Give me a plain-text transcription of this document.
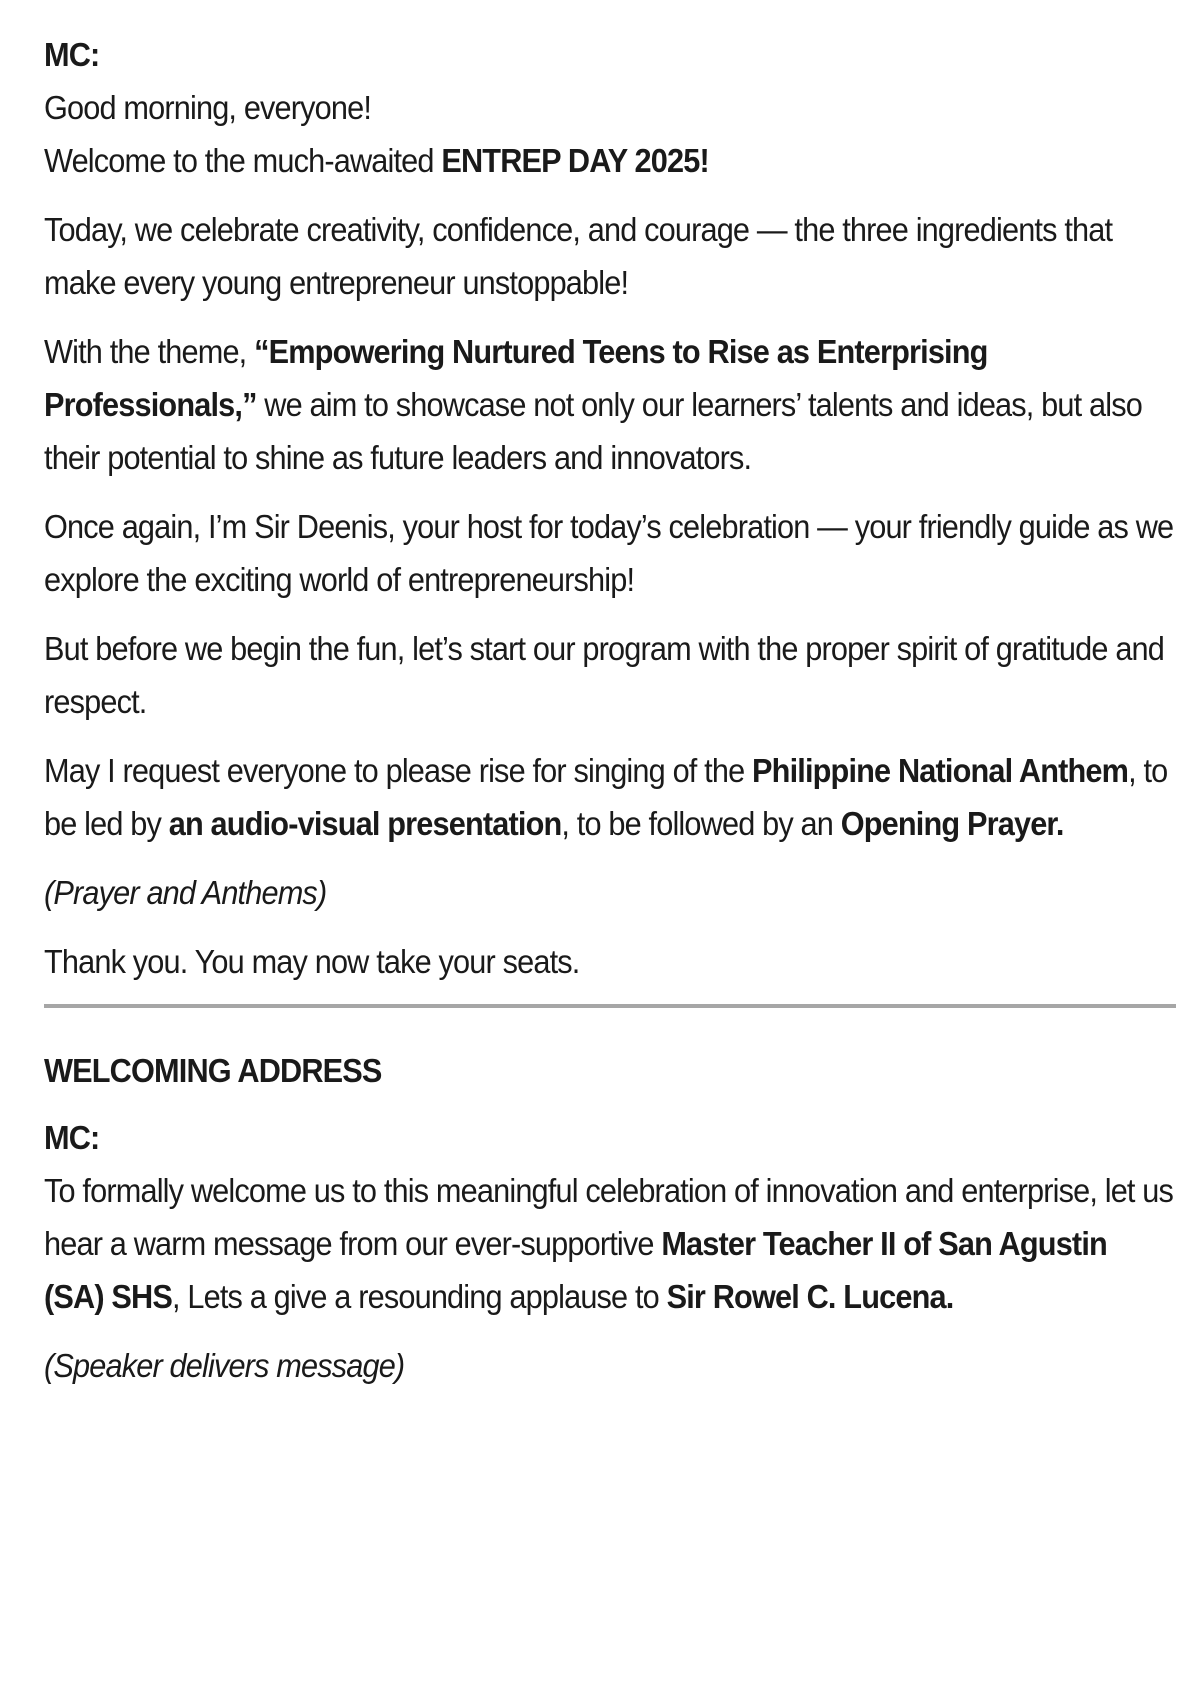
MC:
Good morning, everyone!
Welcome to the much-awaited ENTREP DAY 2025!

Today, we celebrate creativity, confidence, and courage — the three ingredients that make every young entrepreneur unstoppable!

With the theme, “Empowering Nurtured Teens to Rise as Enterprising Professionals,” we aim to showcase not only our learners’ talents and ideas, but also their potential to shine as future leaders and innovators.

Once again, I’m Sir Deenis, your host for today’s celebration — your friendly guide as we explore the exciting world of entrepreneurship!

But before we begin the fun, let’s start our program with the proper spirit of gratitude and respect.

May I request everyone to please rise for singing of the Philippine National Anthem, to be led by an audio-visual presentation, to be followed by an Opening Prayer.

(Prayer and Anthems)

Thank you. You may now take your seats.

WELCOMING ADDRESS

MC:
To formally welcome us to this meaningful celebration of innovation and enterprise, let us hear a warm message from our ever-supportive Master Teacher II of San Agustin (SA) SHS, Lets a give a resounding applause to Sir Rowel C. Lucena.

(Speaker delivers message)
